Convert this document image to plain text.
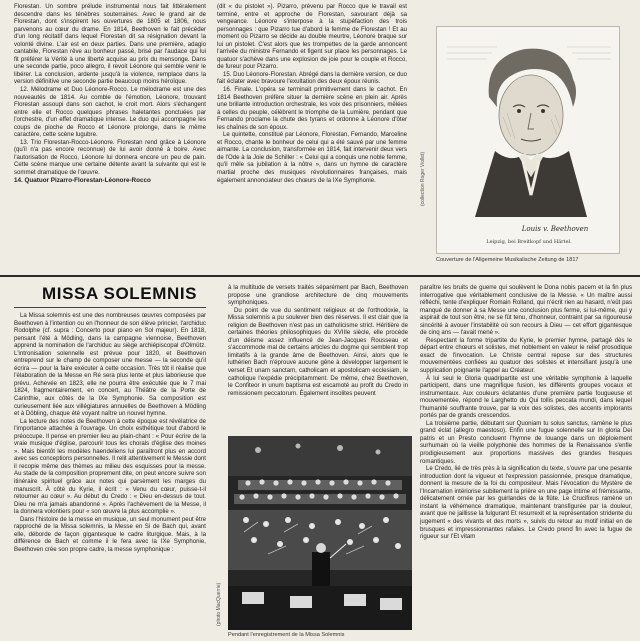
Florestan. Un sombre prélude instrumental nous fait littéralement descendre dans les ténèbres souterraines. Avec le grand air de Florestan, dont s'inspirent les ouvertures de 1805 et 1806, nous parvenons au cœur du drame. En 1814, Beethoven le fait précéder d'un long récitatif dans lequel Florestan dit sa résignation devant la volonté divine. L'air est en deux parties. Dans une première, adagio cantabile, Florestan rêve au bonheur passé, brisé par l'audace qui lui fit préférer la Vérité à une liberté acquise au prix du mensonge. Dans une seconde partie, poco allegro, il revoit Léonore qui semble venir le libérer. La conclusion, ardente jusqu'à la violence, remplace dans la version définitive une seconde partie beaucoup moins héroïque.

12. Mélodrame et Duo Léonore-Rocco. Le mélodrame est une des nouveautés de 1814. Au comble de l'émotion, Léonore, trouvant Florestan assoupi dans son cachot, le croit mort. Alors s'échangent entre elle et Rocco quelques phrases haletantes ponctuées par l'orchestre, d'un effet dramatique intense. Le duo qui accompagne les coups de pioche de Rocco et Léonore prolonge, dans le même caractère, cette scène lugubre.

13. Trio Florestan-Rocco-Léonore. Florestan rend grâce à Léonore (qu'il n'a pas encore reconnue) de lui avoir donné à boire. Avec l'autorisation de Rocco, Léonore lui donnera encore un peu de pain. Cette scène marque une certaine détente avant la suivante qui est le sommet dramatique de l'œuvre.

14. Quatuor Pizarro-Florestan-Léonore-Rocco

(dit « du pistolet »). Pizarro, prévenu par Rocco que le travail est terminé, entre et approche de Florestan, savourant déjà sa vengeance. Léonore s'interpose à la stupéfaction des trois personnages : que Pizarro tue d'abord la femme de Florestan ! Et au moment où Pizarro se décide au double meurtre, Léonore braque sur lui un pistolet. C'est alors que les trompettes de la garde annoncent l'arrivée du ministre Fernando et figent sur place les personnages. Le quatuor s'achève dans une explosion de joie pour le couple et Rocco, de fureur pour Pizarro.

15. Duo Léonore-Florestan. Abrégé dans la dernière version, ce duo fait éclater avec bravoure l'exultation des deux époux réunis.

16. Finale. L'opéra se terminait primitivement dans le cachot. En 1814 Beethoven préfère situer la dernière scène en plein air. Après une brillante introduction orchestrale, les voix des prisonniers, mêlées à celles du peuple, célèbrent le triomphe de la Lumière, pendant que Fernando proclame la chute des tyrans et ordonne à Léonore d'ôter les chaînes de son époux.

Le quintette, constitué par Léonore, Florestan, Fernando, Marceline et Rocco, chante le bonheur de celui qui a été sauvé par une femme aimante. La conclusion, transformée en 1814, fait intervenir deux vers de l'Ode à la Joie de Schiller : « Celui qui a conquis une noble femme, qu'il mêle sa jubilation à la nôtre », dans un hymne de caractère martial proche des musiques révolutionnaires françaises, mais également annonciateur des chœurs de la IXe Symphonie.	(collection Roger Viollet)
Louis v. Beethoven
Leipzig, bei Breitkopf und Härtel.
Couverture de l'Allgemeine Musikalische Zeitung de 1817
MISSA SOLEMNIS

La Missa solemnis est une des nombreuses œuvres composées par Beethoven à l'intention ou en l'honneur de son élève princier, l'archiduc Rodolphe (cf. supra : Concerto pour piano en Sol majeur). En 1818, pensant l'été à Mödling, dans la campagne viennoise, Beethoven apprend la nomination de l'archiduc au siège archiépiscopal d'Olmütz. L'intronisation solennelle est prévue pour 1820, et Beethoven entreprend sur le champ de composer une messe — la seconde qu'il écrira — pour la faire exécuter à cette occasion. Très tôt il réalise que l'élaboration de la Messe en Ré sera plus lente et plus laborieuse que prévu. Achevée en 1823, elle ne pourra être exécutée que le 7 mai 1824, fragmentairement, en concert, au Théâtre de la Porte de Carinthie, aux côtés de la IXe Symphonie. Sa composition est curieusement liée aux villégiatures annuelles de Beethoven à Mödling et à Döbling, chaque été voyant naître un nouvel hymne.

La lecture des notes de Beethoven à cette époque est révélatrice de l'importance attachée à l'ouvrage. Un choix esthétique tout d'abord le préoccupe. Il pense en premier lieu au plain-chant : « Pour écrire de la vraie musique d'église, parcourir tous les chorals d'église des moines ». Mais bientôt les modèles haendeliens lui paraîtront plus en accord avec ses conceptions personnelles. Il relit attentivement le Messie dont il recopie même des thèmes au milieu des esquisses pour la messe. Au stade de la composition proprement dite, on peut encore suivre son itinéraire spirituel grâce aux notes qui parsèment les marges du manuscrit. À côté du Kyrie, il écrit : « Venu du cœur, puisse-t-il retourner au cœur ». Au début du Credo : « Dieu en-dessus de tout. Dieu ne m'a jamais abandonné ». Après l'achèvement de la Messe, il la donnera volontiers pour « son œuvre la plus accomplie ».

Dans l'histoire de la messe en musique, un seul monument peut être rapproché de la Missa solemnis, la Messe en Si de Bach qui, avant elle, déborde de façon gigantesque le cadre liturgique. Mais, à la différence de Bach et comme il le fera avec la IXe Symphonie, Beethoven crée son propre cadre, la messe symphonique :

à la multitude de versets traités séparément par Bach, Beethoven propose une grandiose architecture de cinq mouvements symphoniques.

Du point de vue du sentiment religieux et de l'orthodoxie, la Missa solemnis a pu soulever bien des réserves. Il est clair que la religion de Beethoven n'est pas un catholicisme strict. Héritière de certaines théories philosophiques du XVIIIe siècle, elle procède d'un déisme assez influencé de Jean-Jacques Rousseau et s'accommode mal de certains articles du dogme qui semblent trop limitatifs à la grande âme de Beethoven. Ainsi, alors que le luthérien Bach n'éprouve aucune gêne à développer largement le verset Et unam sanctam, catholicam et apostolicam ecclesiam, le catholique l'expédie précipitamment. De même, chez Beethoven, le Confiteor in unum baptisma est escamoté au profit du Credo in remissionem peccatorum. Également insolites peuvent

(photo MacQuerrie)
Pendant l'enregistrement de la Missa Solemnis

paraître les bruits de guerre qui soulèvent le Dona nobis pacem et la fin plus interrogative que véritablement conclusive de la Messe. « Un maître aussi réfléchi, tente d'expliquer Romain Rolland, qui n'écrit rien au hasard, n'eût pas manqué de donner à sa Messe une conclusion plus ferme, si lui-même, qui y aspirait de tout son être, ne se fût tenu, d'honneur, contraint par sa rigoureuse sincérité à avouer l'instabilité où son recours à Dieu — cet effort gigantesque de cinq ans — l'avait mené ».

Respectant la forme tripartite du Kyrie, le premier hymne, partagé dès le départ entre chœurs et solistes, met noblement en valeur le relief prosodique exact de l'invocation. Le Christe central repose sur des structures mouvementées confiées au quatuor des solistes et intensifiant jusqu'à une supplication poignante l'appel au Créateur.

À lui seul le Gloria quadripartite est une véritable symphonie à laquelle participent, dans une magnifique fusion, les différents groupes vocaux et instrumentaux. Aux couleurs éclatantes d'une première partie fougueuse et mouvementée, répond le Larghetto du Qui tollis peccata mundi, dans lequel l'humanité souffrante trouve, par la voix des solistes, des accents implorants portés par de grands crescendos.

La troisième partie, débutant sur Quoniam tu solus sanctus, ramène le plus grand éclat (allegro maestoso). Enfin une fugue solennelle sur In gloria Dei patris et un Presto concluent l'hymne de louange dans un déploiement surhumain où la vieille polyphonie des hommes de la Renaissance s'enfle prodigieusement aux proportions massives des grandes fresques romantiques.

Le Credo, lié de très près à la signification du texte, s'ouvre par une pesante introduction dont la vigueur et l'expression passionnée, presque dramatique, donnent la mesure de la foi du compositeur. Mais l'évocation du Mystère de l'Incarnation intériorise subitement la prière en une page intime et frémissante, délicatement ornée par les guirlandes de la flûte. Le Crucifixus ramène un instant la véhémence dramatique, maintenant transfigurée par la douleur, avant que ne jaillisse la fulgurant Et resurrexit et la représentation stridente du jugement « des vivants et des morts », suivis du retour au motif initial en de brusques et impressionnantes rafales. Le Credo prend fin avec la fugue de rigueur sur l'Et vitam
